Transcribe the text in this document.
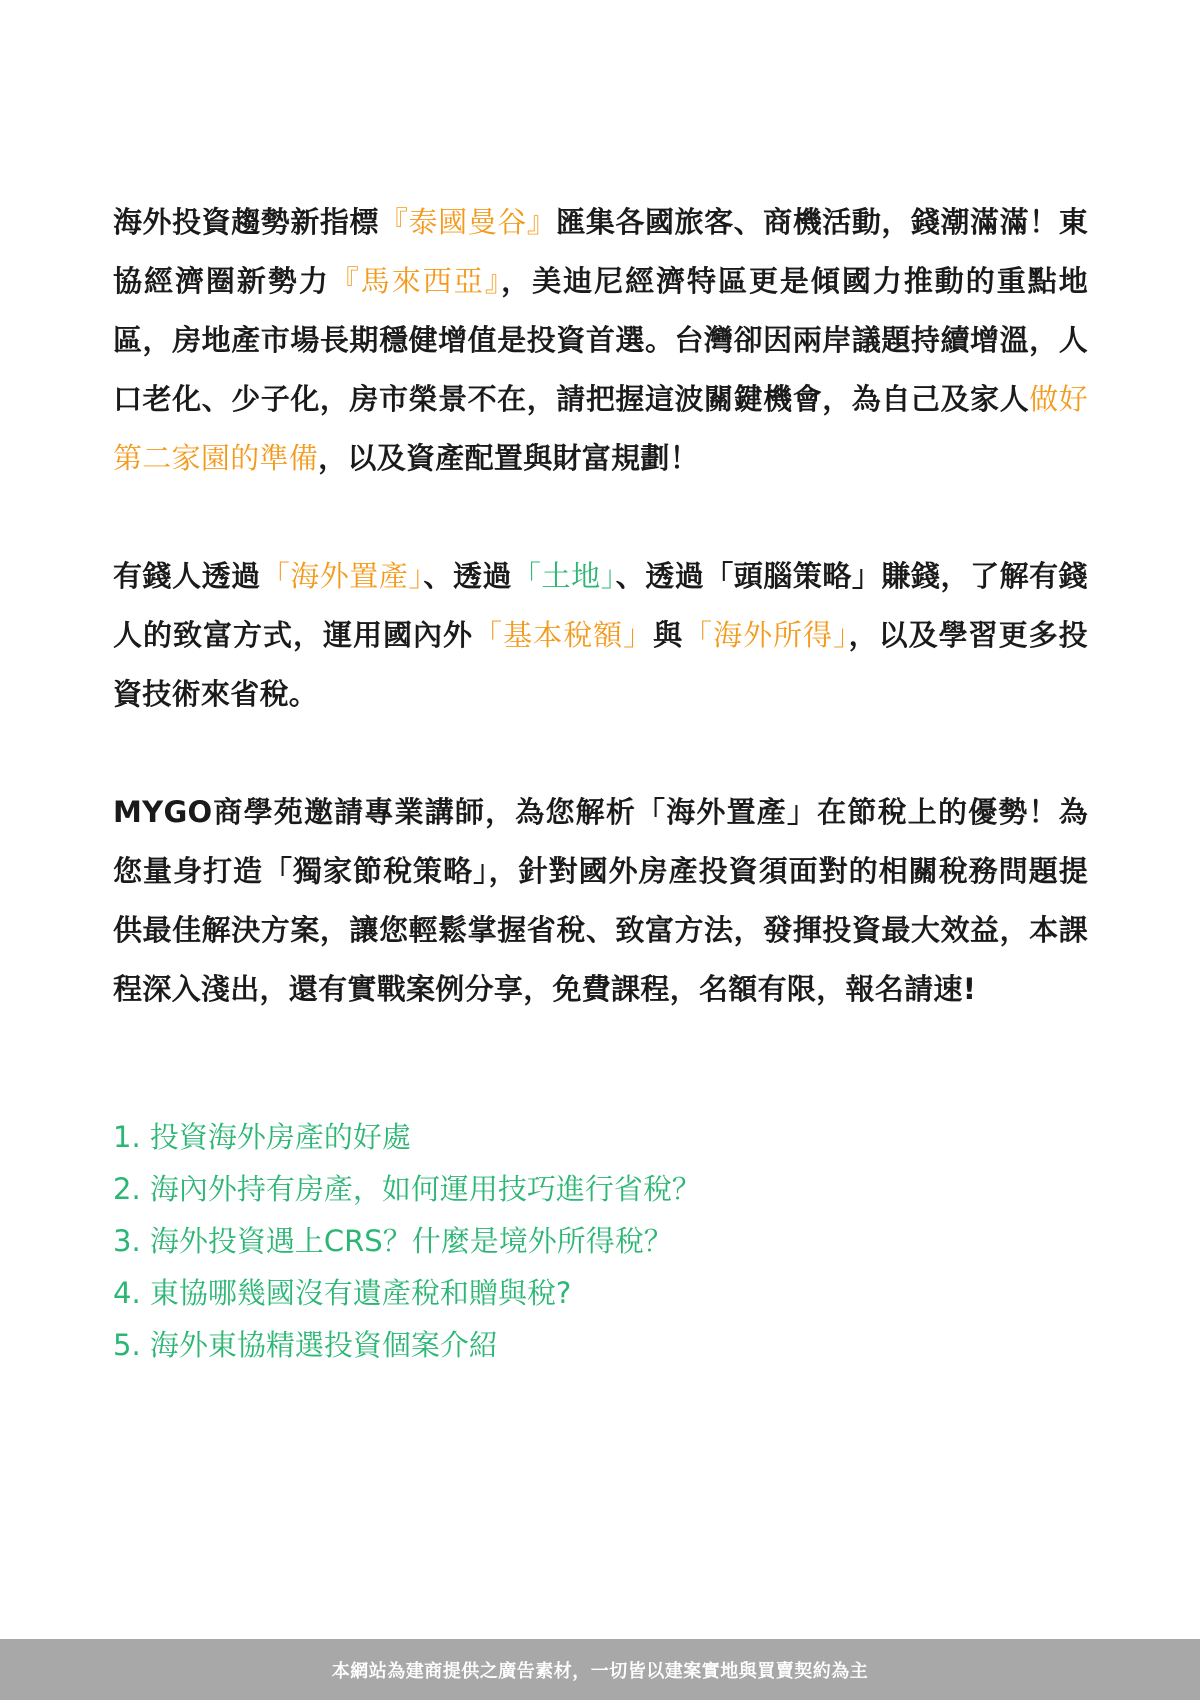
海外投資趨勢新指標『泰國曼谷』匯集各國旅客、商機活動，錢潮滿滿！東協經濟圈新勢力『馬來西亞』，美迪尼經濟特區更是傾國力推動的重點地區，房地產市場長期穩健增值是投資首選。台灣卻因兩岸議題持續增溫，人口老化、少子化，房市榮景不在，請把握這波關鍵機會，為自己及家人做好第二家園的準備，以及資產配置與財富規劃！

有錢人透過「海外置產」、透過「土地」、透過「頭腦策略」賺錢，了解有錢人的致富方式，運用國內外「基本稅額」與「海外所得」，以及學習更多投資技術來省稅。

MYGO商學苑邀請專業講師，為您解析「海外置產」在節稅上的優勢！為您量身打造「獨家節稅策略」，針對國外房產投資須面對的相關稅務問題提供最佳解決方案，讓您輕鬆掌握省稅、致富方法，發揮投資最大效益，本課程深入淺出，還有實戰案例分享，免費課程，名額有限，報名請速!

1. 投資海外房產的好處
2. 海內外持有房產，如何運用技巧進行省稅？
3. 海外投資遇上CRS？什麼是境外所得稅？
4. 東協哪幾國沒有遺產稅和贈與稅?
5. 海外東協精選投資個案介紹
本網站為建商提供之廣告素材，一切皆以建案實地與買賣契約為主
